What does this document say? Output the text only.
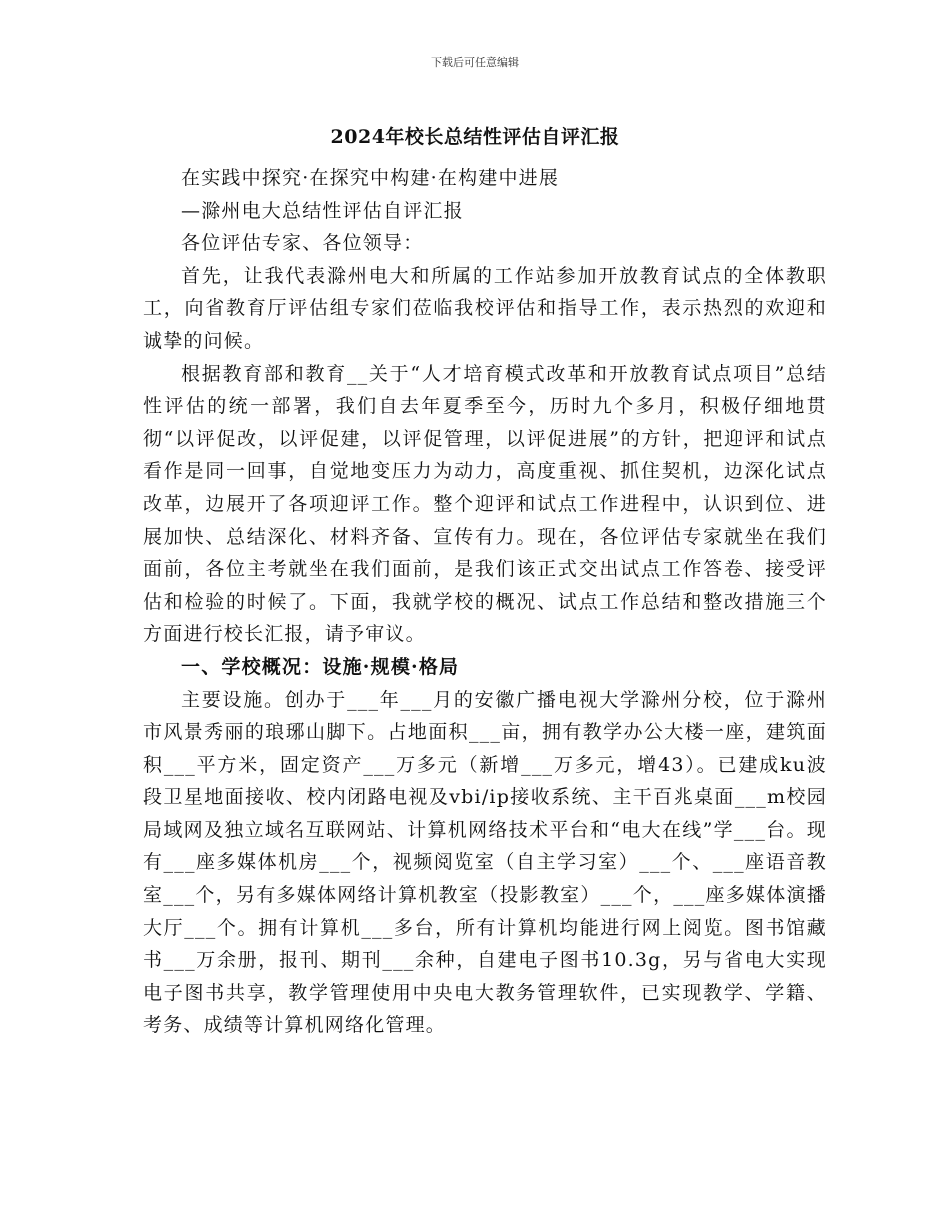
下载后可任意编辑
2024年校长总结性评估自评汇报

在实践中探究·在探究中构建·在构建中进展

—滁州电大总结性评估自评汇报

各位评估专家、各位领导：

首先，让我代表滁州电大和所属的工作站参加开放教育试点的全体教职工，向省教育厅评估组专家们莅临我校评估和指导工作，表示热烈的欢迎和诚挚的问候。

根据教育部和教育__关于“人才培育模式改革和开放教育试点项目”总结性评估的统一部署，我们自去年夏季至今，历时九个多月，积极仔细地贯彻“以评促改，以评促建，以评促管理，以评促进展”的方针，把迎评和试点看作是同一回事，自觉地变压力为动力，高度重视、抓住契机，边深化试点改革，边展开了各项迎评工作。整个迎评和试点工作进程中，认识到位、进展加快、总结深化、材料齐备、宣传有力。现在，各位评估专家就坐在我们面前，各位主考就坐在我们面前，是我们该正式交出试点工作答卷、接受评估和检验的时候了。下面，我就学校的概况、试点工作总结和整改措施三个方面进行校长汇报，请予审议。

一、学校概况：设施·规模·格局

主要设施。创办于___年___月的安徽广播电视大学滁州分校，位于滁州市风景秀丽的琅琊山脚下。占地面积___亩，拥有教学办公大楼一座，建筑面积___平方米，固定资产___万多元（新增___万多元，增43）。已建成ku波段卫星地面接收、校内闭路电视及vbi/ip接收系统、主干百兆桌面___m校园局域网及独立域名互联网站、计算机网络技术平台和“电大在线”学___台。现有___座多媒体机房___个，视频阅览室（自主学习室）___个、___座语音教室___个，另有多媒体网络计算机教室（投影教室）___个，___座多媒体演播大厅___个。拥有计算机___多台，所有计算机均能进行网上阅览。图书馆藏书___万余册，报刊、期刊___余种，自建电子图书10.3g，另与省电大实现电子图书共享，教学管理使用中央电大教务管理软件，已实现教学、学籍、考务、成绩等计算机网络化管理。
